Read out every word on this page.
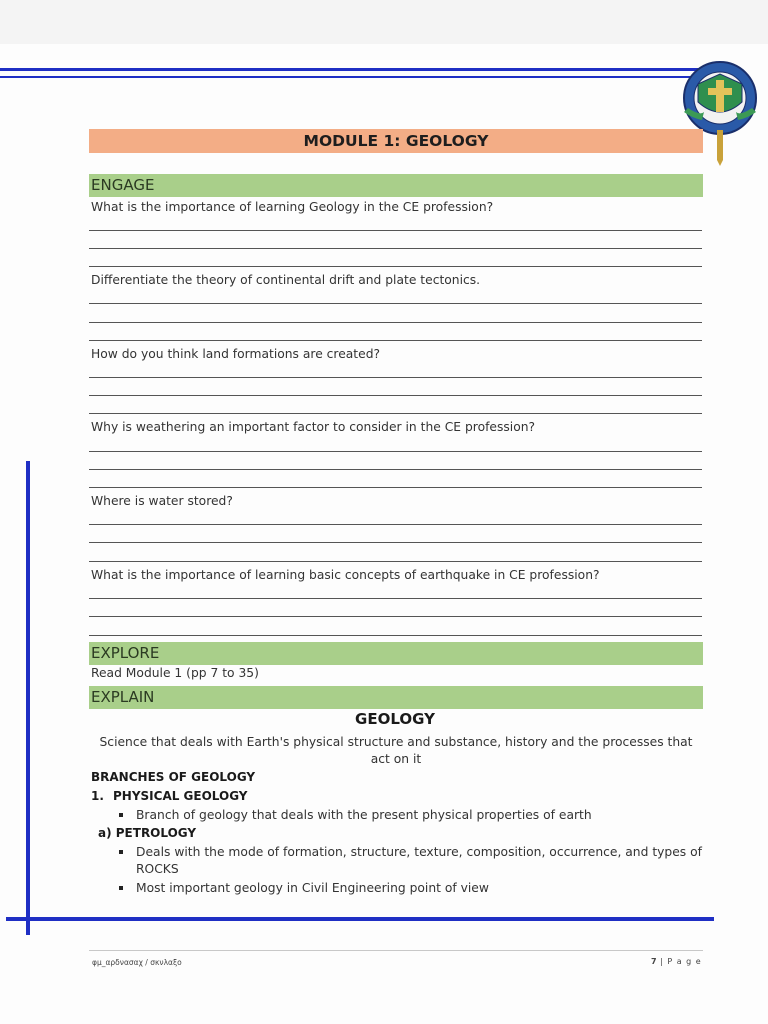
MODULE 1: GEOLOGY
ENGAGE
What is the importance of learning Geology in the CE profession?
Differentiate the theory of continental drift and plate tectonics.
How do you think land formations are created?
Why is weathering an important factor to consider in the CE profession?
Where is water stored?
What is the importance of learning basic concepts of earthquake in CE profession?
EXPLORE
Read Module 1 (pp 7 to 35)
EXPLAIN
GEOLOGY
Science that deals with Earth's physical structure and substance, history and the processes that act on it
BRANCHES OF GEOLOGY
1. PHYSICAL GEOLOGY
Branch of geology that deals with the present physical properties of earth
a) PETROLOGY
Deals with the mode of formation, structure, texture, composition, occurrence, and types of ROCKS
Most important geology in Civil Engineering point of view
φμ_αρδνασαχ / σκνλαξο	7 | P a g e
